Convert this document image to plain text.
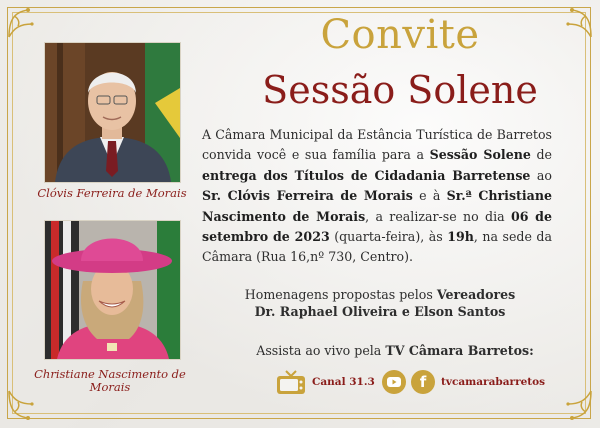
Clóvis Ferreira de Morais
Christiane Nascimento de Morais
Convite
Sessão Solene
A Câmara Municipal da Estância Turística de Barretos convida você e sua família para a Sessão Solene de entrega dos Títulos de Cidadania Barretense ao Sr. Clóvis Ferreira de Morais e à Sr.ª Christiane Nascimento de Morais, a realizar-se no dia 06 de setembro de 2023 (quarta-feira), às 19h, na sede da Câmara (Rua 16,nº 730, Centro).
Homenagens propostas pelos Vereadores
Dr. Raphael Oliveira e Elson Santos
Assista ao vivo pela TV Câmara Barretos:
Canal 31.3	f tvcamarabarretos
